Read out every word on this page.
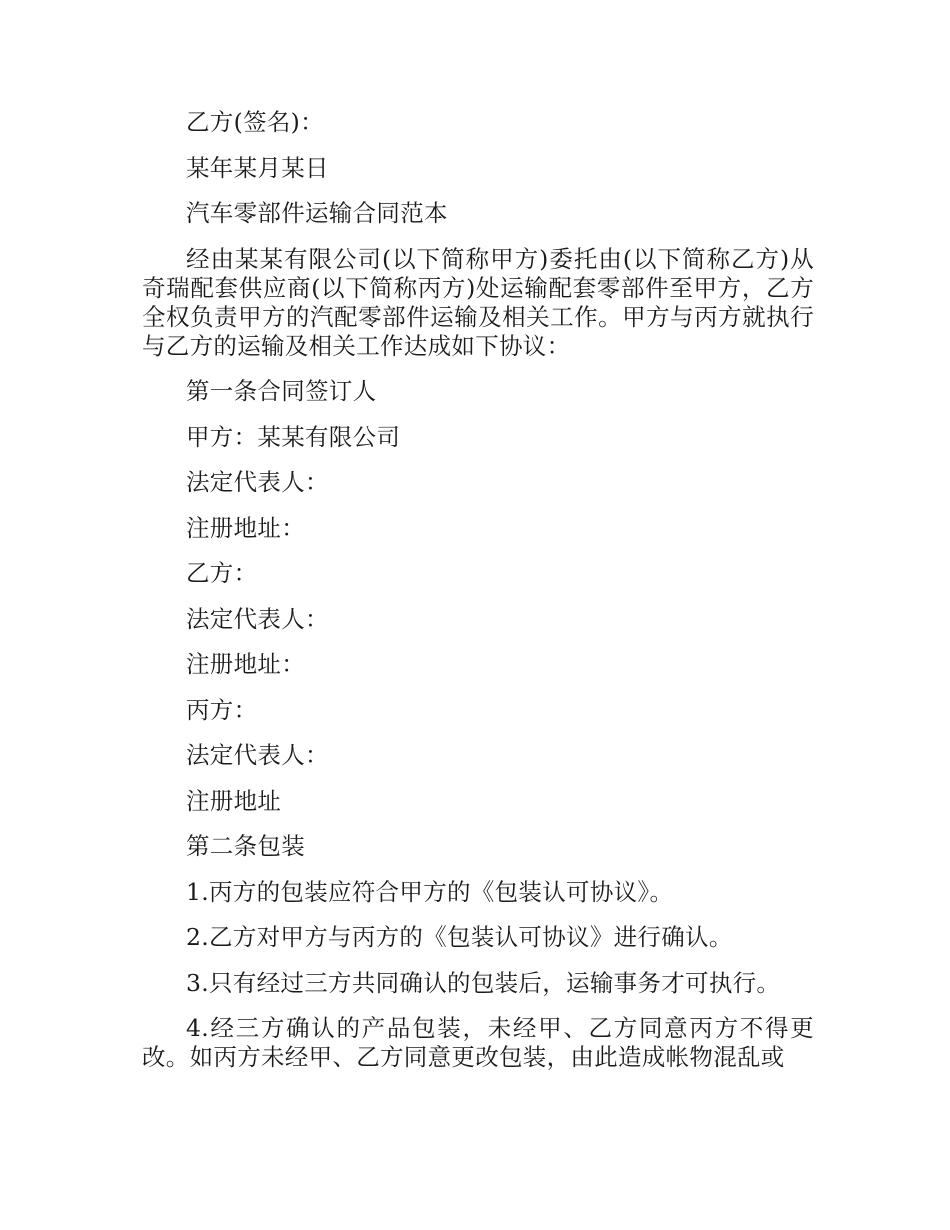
乙方(签名)：

某年某月某日

汽车零部件运输合同范本

经由某某有限公司(以下简称甲方)委托由(以下简称乙方)从奇瑞配套供应商(以下简称丙方)处运输配套零部件至甲方，乙方全权负责甲方的汽配零部件运输及相关工作。甲方与丙方就执行与乙方的运输及相关工作达成如下协议：

第一条合同签订人

甲方：某某有限公司

法定代表人：

注册地址：

乙方：

法定代表人：

注册地址：

丙方：

法定代表人：

注册地址

第二条包装

1.丙方的包装应符合甲方的《包装认可协议》。

2.乙方对甲方与丙方的《包装认可协议》进行确认。

3.只有经过三方共同确认的包装后，运输事务才可执行。

4.经三方确认的产品包装，未经甲、乙方同意丙方不得更改。如丙方未经甲、乙方同意更改包装，由此造成帐物混乱或
